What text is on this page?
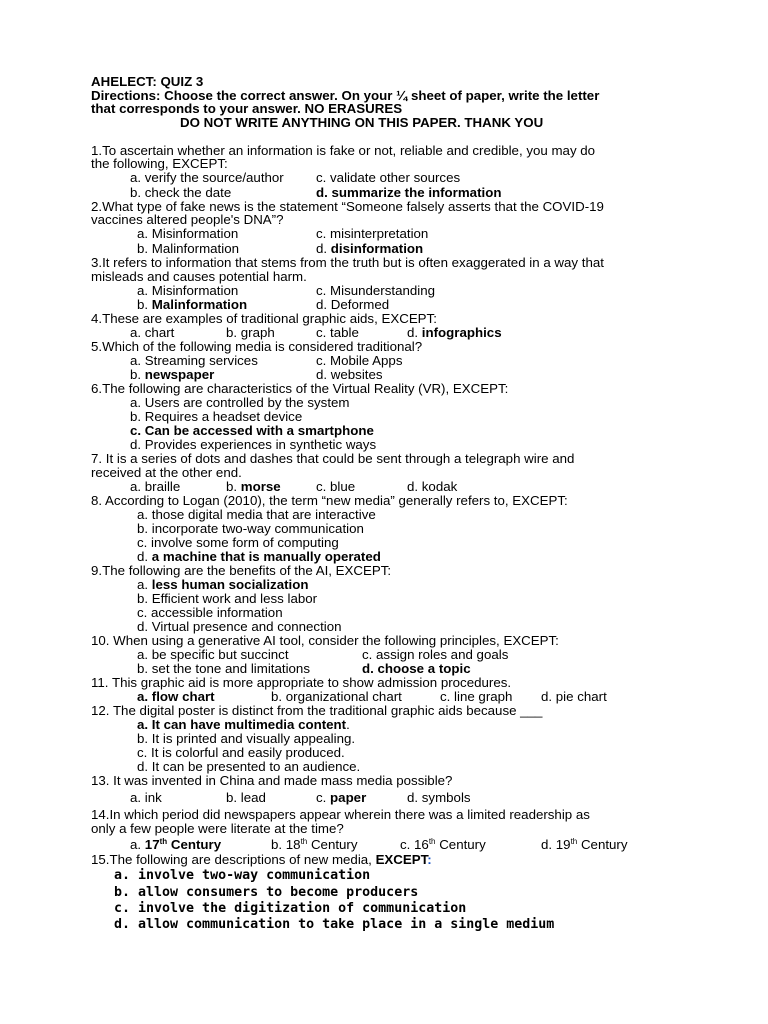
AHELECT: QUIZ 3
Directions: Choose the correct answer. On your ¼ sheet of paper, write the letter
that corresponds to your answer. NO ERASURES
DO NOT WRITE ANYTHING ON THIS PAPER. THANK YOU
1.To ascertain whether an information is fake or not, reliable and credible, you may do
the following, EXCEPT:
a. verify the source/author c. validate other sources
b. check the date	d. summarize the information
2.What type of fake news is the statement “Someone falsely asserts that the COVID-19
vaccines altered people's DNA”?
a. Misinformation	c. misinterpretation
b. Malinformation	d. disinformation
3.It refers to information that stems from the truth but is often exaggerated in a way that
misleads and causes potential harm.
a. Misinformation	c. Misunderstanding
b. Malinformation	d. Deformed
4.These are examples of traditional graphic aids, EXCEPT:
a. chart	b. graph	c. table	d. infographics
5.Which of the following media is considered traditional?
a. Streaming services	c. Mobile Apps
b. newspaper	d. websites
6.The following are characteristics of the Virtual Reality (VR), EXCEPT:
a. Users are controlled by the system
b. Requires a headset device
c. Can be accessed with a smartphone
d. Provides experiences in synthetic ways
7. It is a series of dots and dashes that could be sent through a telegraph wire and
received at the other end.
a. braille	b. morse	c. blue	d. kodak
8. According to Logan (2010), the term “new media” generally refers to, EXCEPT:
a. those digital media that are interactive
b. incorporate two-way communication
c. involve some form of computing
d. a machine that is manually operated
9.The following are the benefits of the AI, EXCEPT:
a. less human socialization
b. Efficient work and less labor
c. accessible information
d. Virtual presence and connection
10. When using a generative AI tool, consider the following principles, EXCEPT:
a. be specific but succinct	c. assign roles and goals
b. set the tone and limitations	d. choose a topic
11. This graphic aid is more appropriate to show admission procedures.
a. flow chart	b. organizational chart	c. line graph d. pie chart
12. The digital poster is distinct from the traditional graphic aids because ___
a. It can have multimedia content.
b. It is printed and visually appealing.
c. It is colorful and easily produced.
d. It can be presented to an audience.
13. It was invented in China and made mass media possible?
a. ink	b. lead	c. paper	d. symbols
14.In which period did newspapers appear wherein there was a limited readership as
only a few people were literate at the time?
a. 17th Century	b. 18th Century	c. 16th Century	d. 19th Century
15.The following are descriptions of new media, EXCEPT:
a. involve two-way communication
b. allow consumers to become producers
c. involve the digitization of communication
d. allow communication to take place in a single medium
